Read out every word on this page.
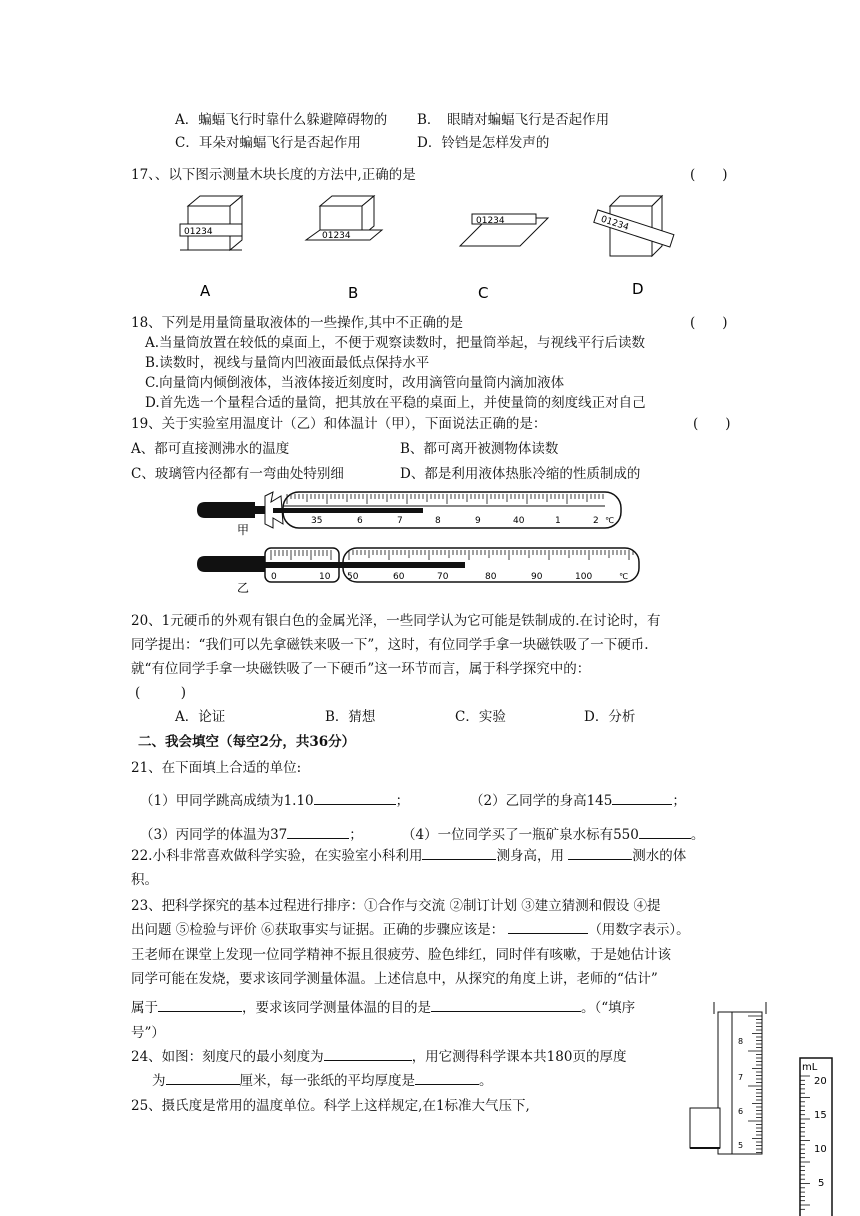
A．蝙蝠飞行时靠什么躲避障碍物的 B．　眼睛对蝙蝠飞行是否起作用
C．耳朵对蝙蝠飞行是否起作用	D．铃铛是怎样发声的
17、、以下图示测量木块长度的方法中,正确的是	(　　)
01234	01234
01234	01234
A	B	C	D
18、下列是用量筒量取液体的一些操作,其中不正确的是	(　　)
A.当量筒放置在较低的桌面上，不便于观察读数时，把量筒举起，与视线平行后读数
B.读数时，视线与量筒内凹液面最低点保持水平
C.向量筒内倾倒液体，当液体接近刻度时，改用滴管向量筒内滴加液体
D.首先选一个量程合适的量筒，把其放在平稳的桌面上，并使量筒的刻度线正对自己
19、关于实验室用温度计（乙）和体温计（甲），下面说法正确的是：	(　　)
A、都可直接测沸水的温度	B、都可离开被测物体读数
C、玻璃管内径都有一弯曲处特别细	D、都是利用液体热胀冷缩的性质制成的
甲
35	6	7	8	9	40	1	2 ℃
乙
0	10 50	60	70	80	90	100	℃
20、1元硬币的外观有银白色的金属光泽，一些同学认为它可能是铁制成的.在讨论时，有
同学提出：“我们可以先拿磁铁来吸一下”，这时，有位同学手拿一块磁铁吸了一下硬币.
就“有位同学手拿一块磁铁吸了一下硬币”这一环节而言，属于科学探究中的：
(　　　)
A．论证	B．猜想	C．实验	D．分析
二、我会填空（每空2分，共36分）
21、在下面填上合适的单位:
（1）甲同学跳高成绩为1.10	；	（2）乙同学的身高145	；
（3）丙同学的体温为37	；	（4）一位同学买了一瓶矿泉水标有550	。
22.小科非常喜欢做科学实验，在实验室小科利用	测身高，用	测水的体
积。
23、把科学探究的基本过程进行排序：①合作与交流 ②制订计划 ③建立猜测和假设 ④提
出问题 ⑤检验与评价 ⑥获取事实与证据。正确的步骤应该是：	（用数字表示）。
王老师在课堂上发现一位同学精神不振且很疲劳、脸色绯红，同时伴有咳嗽，于是她估计该
同学可能在发烧，要求该同学测量体温。上述信息中，从探究的角度上讲，老师的“估计”
属于	，要求该同学测量体温的目的是	。（“填序
号”）
24、如图：刻度尺的最小刻度为	，用它测得科学课本共180页的厚度
为	厘米，每一张纸的平均厚度是	。
25、摄氏度是常用的温度单位。科学上这样规定,在1标准大气压下,
8
7
6
5
mL
20
15
10
5
